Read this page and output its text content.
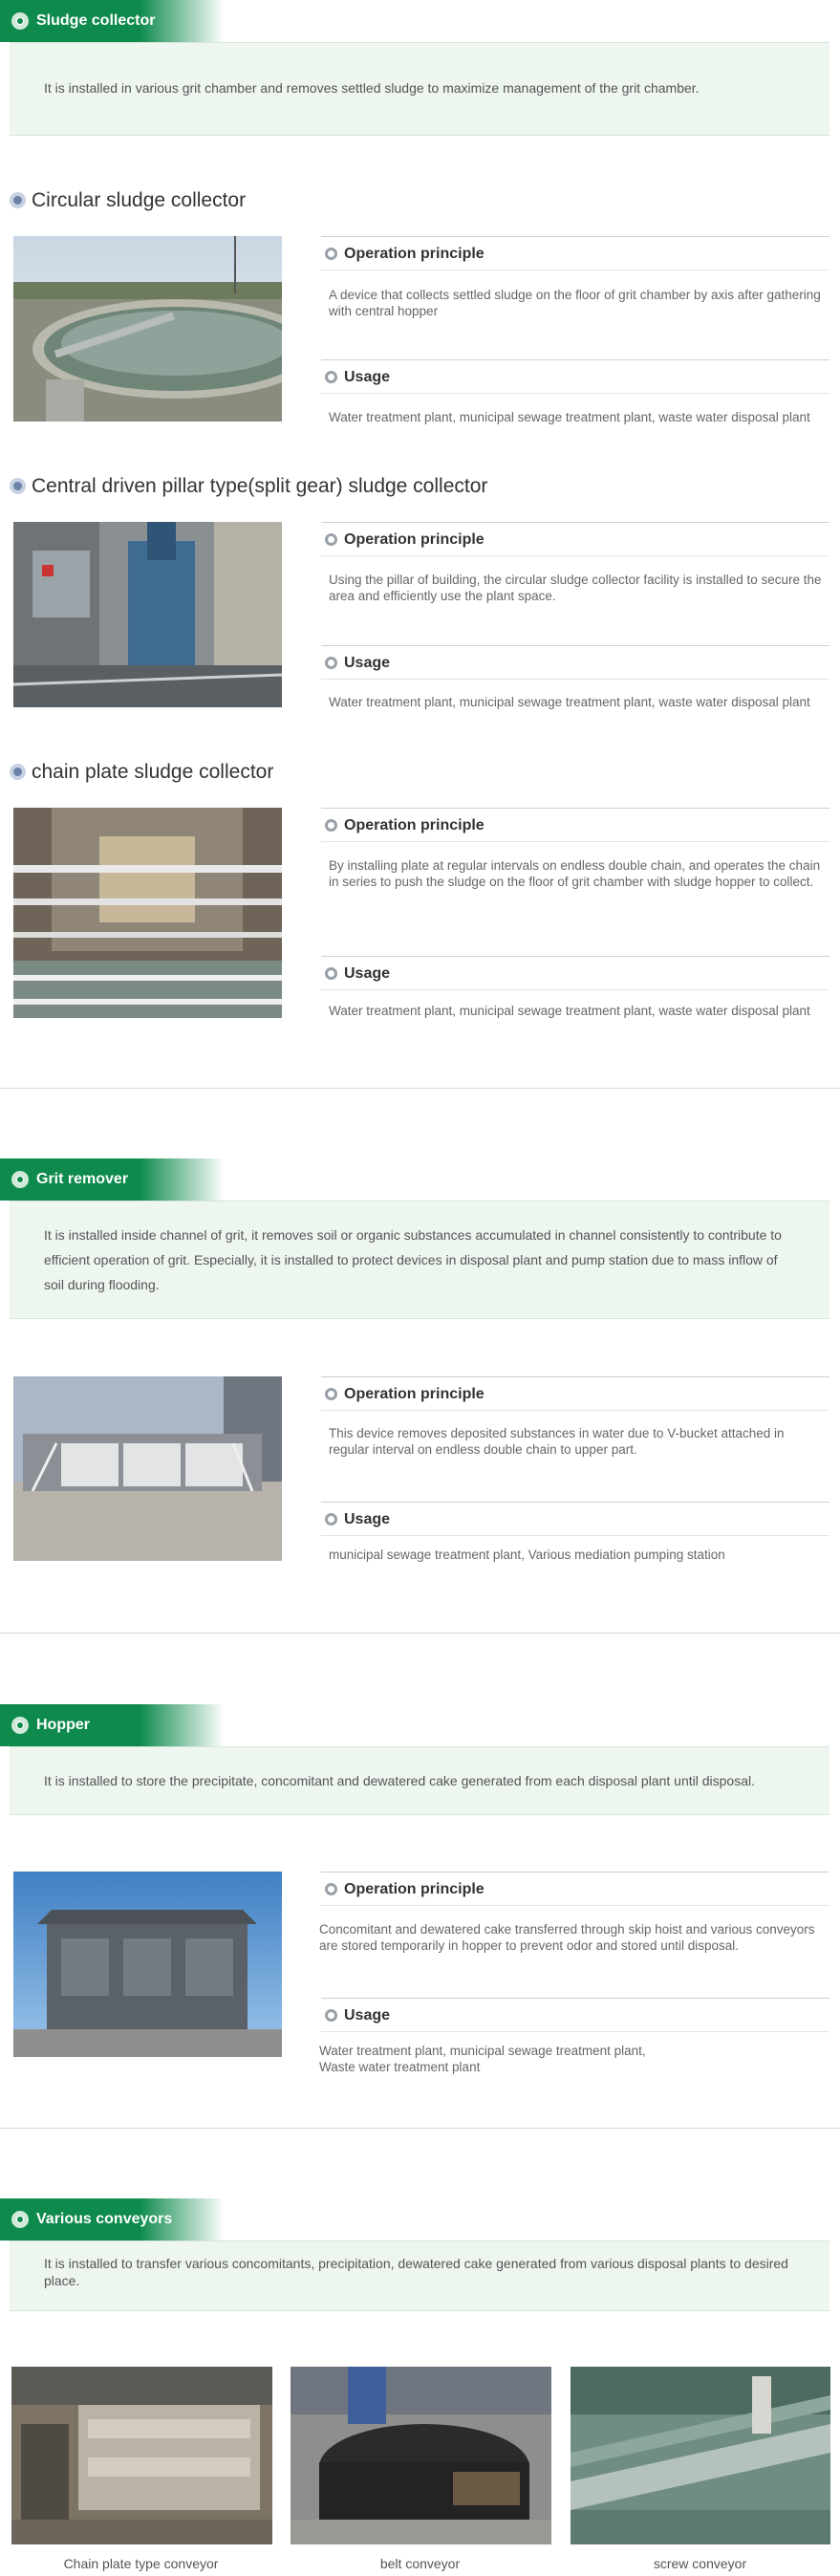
Sludge collector
It is installed in various grit chamber and removes settled sludge to maximize management of the grit chamber.
Circular sludge collector
Operation principle
A device that collects settled sludge on the floor of grit chamber by axis after gathering with central hopper
Usage
Water treatment plant, municipal sewage treatment plant, waste water disposal plant
Central driven pillar type(split gear) sludge collector
Operation principle
Using the pillar of building, the circular sludge collector facility is installed to secure the area and efficiently use the plant space.
Usage
Water treatment plant, municipal sewage treatment plant, waste water disposal plant
chain plate sludge collector
Operation principle
By installing plate at regular intervals on endless double chain, and operates the chain in series to push the sludge on the floor of grit chamber with sludge hopper to collect.
Usage
Water treatment plant, municipal sewage treatment plant, waste water disposal plant
Grit remover
It is installed inside channel of grit, it removes soil or organic substances accumulated in channel consistently to contribute to efficient operation of grit. Especially, it is installed to protect devices in disposal plant and pump station due to mass inflow of soil during flooding.
Operation principle
This device removes deposited substances in water due to V-bucket attached in regular interval on endless double chain to upper part.
Usage
municipal sewage treatment plant, Various mediation pumping station
Hopper
It is installed to store the precipitate, concomitant and dewatered cake generated from each disposal plant until disposal.
Operation principle
Concomitant and dewatered cake transferred through skip hoist and various conveyors are stored temporarily in hopper to prevent odor and stored until disposal.
Usage
Water treatment plant, municipal sewage treatment plant,
Waste water treatment plant
Various conveyors
It is installed to transfer various concomitants, precipitation, dewatered cake generated from various disposal plants to desired place.
Chain plate type conveyor	belt conveyor	screw conveyor
